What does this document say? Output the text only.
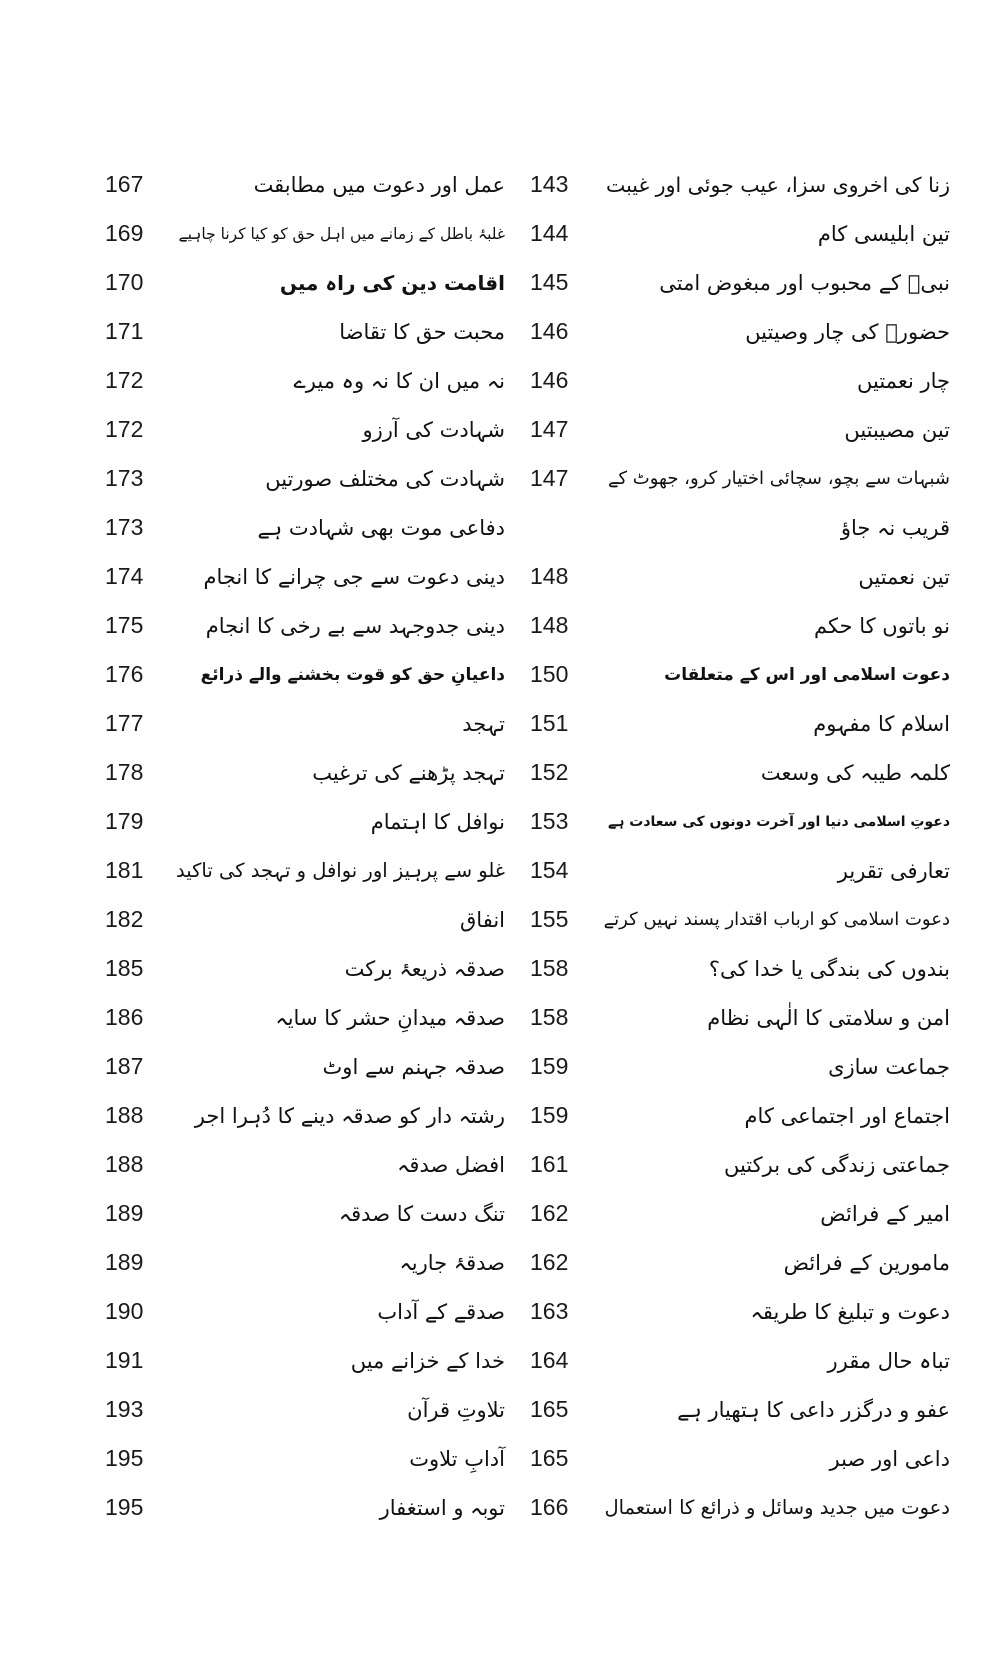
143	زنا کی اخروی سزا، عیب جوئی اور غیبت
144	تین ابلیسی کام
145	نبیؐ کے محبوب اور مبغوض امتی
146	حضورؐ کی چار وصیتیں
146	چار نعمتیں
147	تین مصیبتیں
147	شبہات سے بچو، سچائی اختیار کرو، جھوٹ کے
قریب نہ جاؤ
148	تین نعمتیں
148	نو باتوں کا حکم
150	دعوت اسلامی اور اس کے متعلقات
151	اسلام کا مفہوم
152	کلمہ طیبہ کی وسعت
153	دعوتِ اسلامی دنیا اور آخرت دونوں کی سعادت ہے
154	تعارفی تقریر
155	دعوت اسلامی کو ارباب اقتدار پسند نہیں کرتے
158	بندوں کی بندگی یا خدا کی؟
158	امن و سلامتی کا الٰہی نظام
159	جماعت سازی
159	اجتماع اور اجتماعی کام
161	جماعتی زندگی کی برکتیں
162	امیر کے فرائض
162	مامورین کے فرائض
163	دعوت و تبلیغ کا طریقہ
164	تباہ حال مقرر
165	عفو و درگزر داعی کا ہتھیار ہے
165	داعی اور صبر
166	دعوت میں جدید وسائل و ذرائع کا استعمال
167	عمل اور دعوت میں مطابقت
169	غلبۂ باطل کے زمانے میں اہل حق کو کیا کرنا چاہیے
170	اقامت دین کی راہ میں
171	محبت حق کا تقاضا
172	نہ میں ان کا نہ وہ میرے
172	شہادت کی آرزو
173	شہادت کی مختلف صورتیں
173	دفاعی موت بھی شہادت ہے
174	دینی دعوت سے جی چرانے کا انجام
175	دینی جدوجہد سے بے رخی کا انجام
176	داعیانِ حق کو قوت بخشنے والے ذرائع
177	تہجد
178	تہجد پڑھنے کی ترغیب
179	نوافل کا اہتمام
181	غلو سے پرہیز اور نوافل و تہجد کی تاکید
182	انفاق
185	صدقہ ذریعۂ برکت
186	صدقہ میدانِ حشر کا سایہ
187	صدقہ جہنم سے اوٹ
188	رشتہ دار کو صدقہ دینے کا دُہرا اجر
188	افضل صدقہ
189	تنگ دست کا صدقہ
189	صدقۂ جاریہ
190	صدقے کے آداب
191	خدا کے خزانے میں
193	تلاوتِ قرآن
195	آدابِ تلاوت
195	توبہ و استغفار
